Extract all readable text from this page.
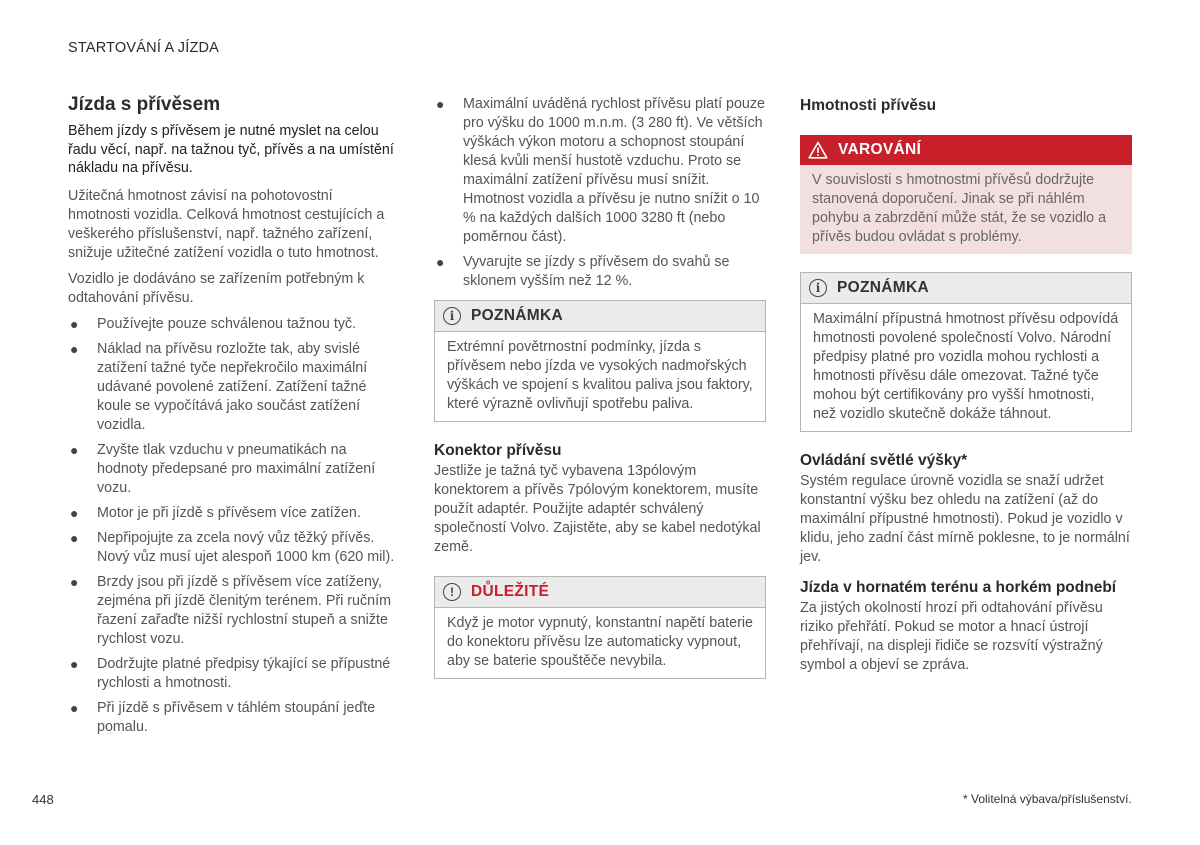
STARTOVÁNÍ A JÍZDA
Jízda s přívěsem

Během jízdy s přívěsem je nutné myslet na celou řadu věcí, např. na tažnou tyč, přívěs a na umístění nákladu na přívěsu.

Užitečná hmotnost závisí na pohotovostní hmotnosti vozidla. Celková hmotnost cestujících a veškerého příslušenství, např. tažného zařízení, snižuje užitečné zatížení vozidla o tuto hmotnost.

Vozidlo je dodáváno se zařízením potřebným k odtahování přívěsu.

● Používejte pouze schválenou tažnou tyč.
● Náklad na přívěsu rozložte tak, aby svislé zatížení tažné tyče nepřekročilo maximální udávané povolené zatížení. Zatížení tažné koule se vypočítává jako součást zatížení vozidla.
● Zvyšte tlak vzduchu v pneumatikách na hodnoty předepsané pro maximální zatížení vozu.
● Motor je při jízdě s přívěsem více zatížen.
● Nepřipojujte za zcela nový vůz těžký přívěs. Nový vůz musí ujet alespoň 1000 km (620 mil).
● Brzdy jsou při jízdě s přívěsem více zatíženy, zejména při jízdě členitým terénem. Při ručním řazení zařaďte nižší rychlostní stupeň a snižte rychlost vozu.
● Dodržujte platné předpisy týkající se přípustné rychlosti a hmotnosti.
● Při jízdě s přívěsem v táhlém stoupání jeďte pomalu.
● Maximální uváděná rychlost přívěsu platí pouze pro výšku do 1000 m.n.m. (3 280 ft). Ve větších výškách výkon motoru a schopnost stoupání klesá kvůli menší hustotě vzduchu. Proto se maximální zatížení přívěsu musí snížit. Hmotnost vozidla a přívěsu je nutno snížit o 10 % na každých dalších 1000 3280 ft (nebo poměrnou část).
● Vyvarujte se jízdy s přívěsem do svahů se sklonem vyšším než 12 %.
i	POZNÁMKA
Extrémní povětrnostní podmínky, jízda s přívěsem nebo jízda ve vysokých nadmořských výškách ve spojení s kvalitou paliva jsou faktory, které výrazně ovlivňují spotřebu paliva.
Konektor přívěsu

Jestliže je tažná tyč vybavena 13pólovým konektorem a přívěs 7pólovým konektorem, musíte použít adaptér. Použijte adaptér schválený společností Volvo. Zajistěte, aby se kabel nedotýkal země.

!	DŮLEŽITÉ
Když je motor vypnutý, konstantní napětí baterie do konektoru přívěsu lze automaticky vypnout, aby se baterie spouštěče nevybila.
Hmotnosti přívěsu
VAROVÁNÍ
V souvislosti s hmotnostmi přívěsů dodržujte stanovená doporučení. Jinak se při náhlém pohybu a zabrzdění může stát, že se vozidlo a přívěs budou ovládat s problémy.
i	POZNÁMKA
Maximální přípustná hmotnost přívěsu odpovídá hmotnosti povolené společností Volvo. Národní předpisy platné pro vozidla mohou rychlosti a hmotnosti přívěsu dále omezovat. Tažné tyče mohou být certifikovány pro vyšší hmotnosti, než vozidlo skutečně dokáže táhnout.
Ovládání světlé výšky*

Systém regulace úrovně vozidla se snaží udržet konstantní výšku bez ohledu na zatížení (až do maximální přípustné hmotnosti). Pokud je vozidlo v klidu, jeho zadní část mírně poklesne, to je normální jev.

Jízda v hornatém terénu a horkém podnebí

Za jistých okolností hrozí při odtahování přívěsu riziko přehřátí. Pokud se motor a hnací ústrojí přehřívají, na displeji řidiče se rozsvítí výstražný symbol a objeví se zpráva.

448	* Volitelná výbava/příslušenství.
